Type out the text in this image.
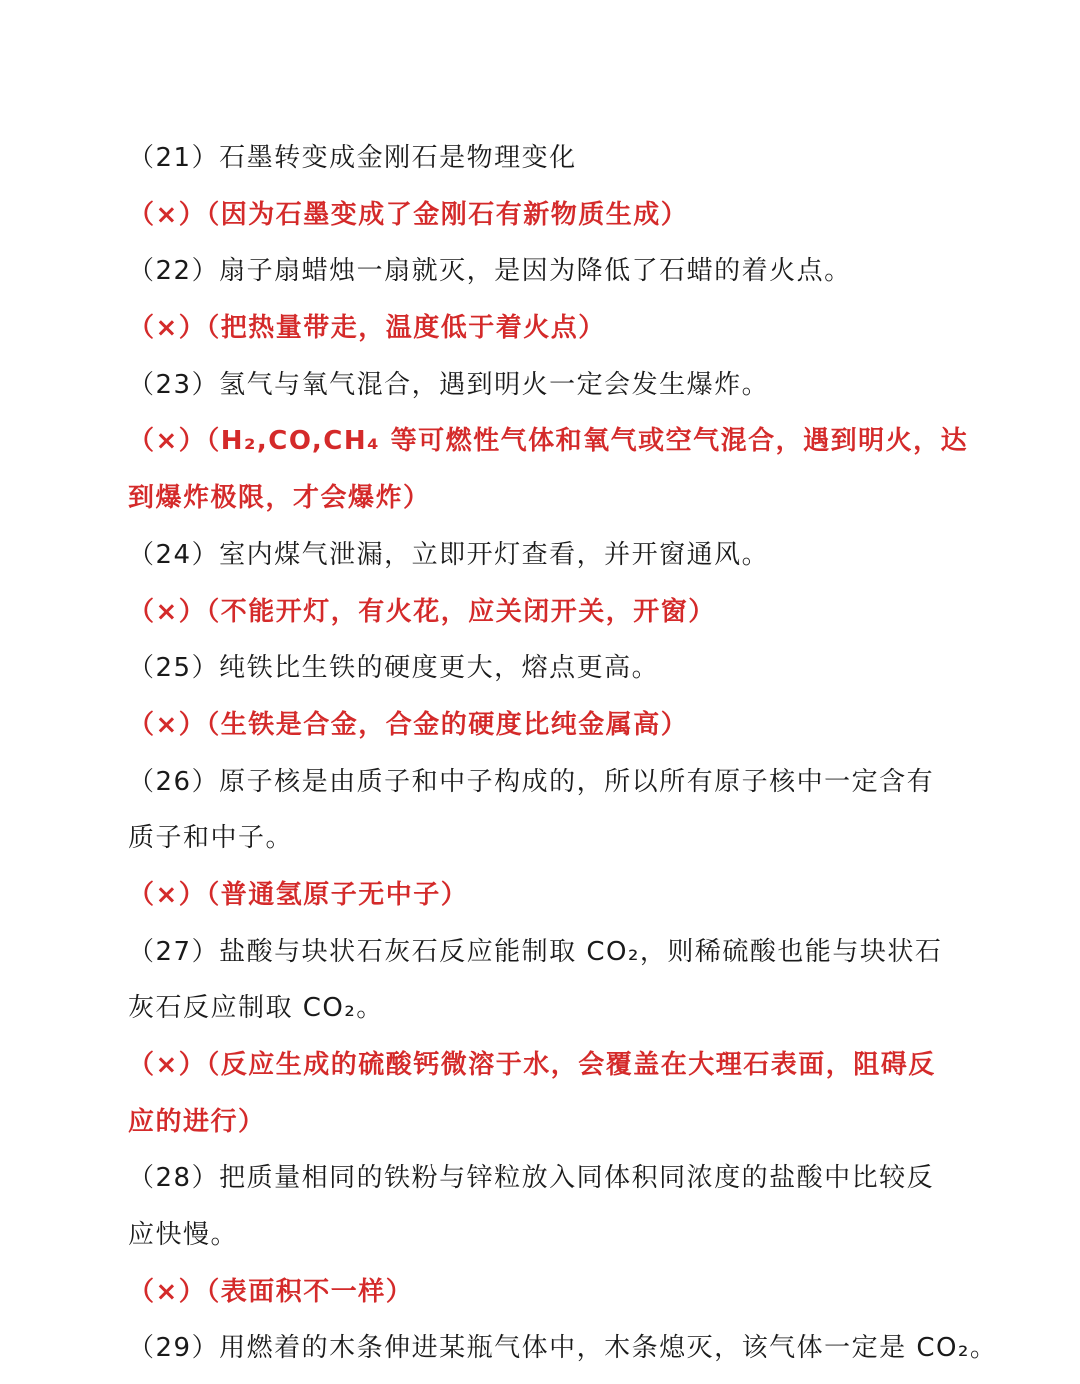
（21）石墨转变成金刚石是物理变化
（×）（因为石墨变成了金刚石有新物质生成）
（22）扇子扇蜡烛一扇就灭，是因为降低了石蜡的着火点。
（×）（把热量带走，温度低于着火点）
（23）氢气与氧气混合，遇到明火一定会发生爆炸。
（×）（H₂,CO,CH₄ 等可燃性气体和氧气或空气混合，遇到明火，达
到爆炸极限，才会爆炸）
（24）室内煤气泄漏，立即开灯查看，并开窗通风。
（×）（不能开灯，有火花，应关闭开关，开窗）
（25）纯铁比生铁的硬度更大，熔点更高。
（×）（生铁是合金，合金的硬度比纯金属高）
（26）原子核是由质子和中子构成的，所以所有原子核中一定含有
质子和中子。
（×）（普通氢原子无中子）
（27）盐酸与块状石灰石反应能制取 CO₂，则稀硫酸也能与块状石
灰石反应制取 CO₂。
（×）（反应生成的硫酸钙微溶于水，会覆盖在大理石表面，阻碍反
应的进行）
（28）把质量相同的铁粉与锌粒放入同体积同浓度的盐酸中比较反
应快慢。
（×）（表面积不一样）
（29）用燃着的木条伸进某瓶气体中，木条熄灭，该气体一定是 CO₂。
